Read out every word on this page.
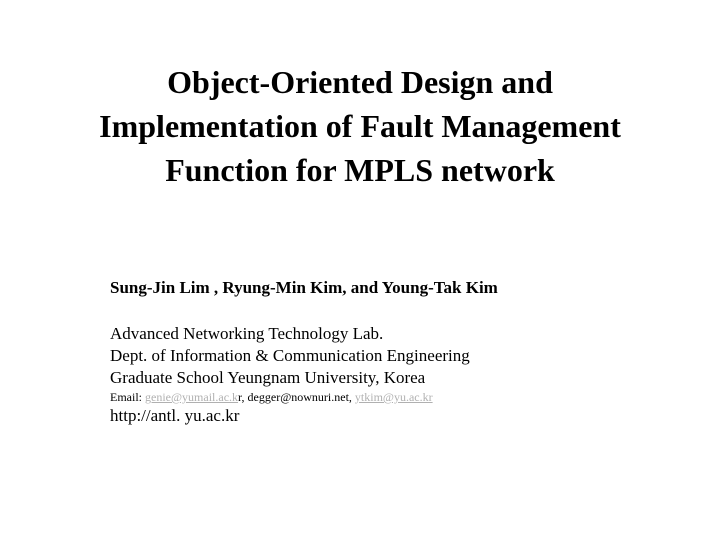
Object-Oriented Design and
Implementation of Fault Management
Function for MPLS network
Sung-Jin Lim , Ryung-Min Kim, and Young-Tak Kim
Advanced Networking Technology Lab.
Dept. of Information & Communication Engineering
Graduate School Yeungnam University, Korea
Email: genie@yumail.ac.kr, degger@nownuri.net, ytkim@yu.ac.kr
http://antl. yu.ac.kr
